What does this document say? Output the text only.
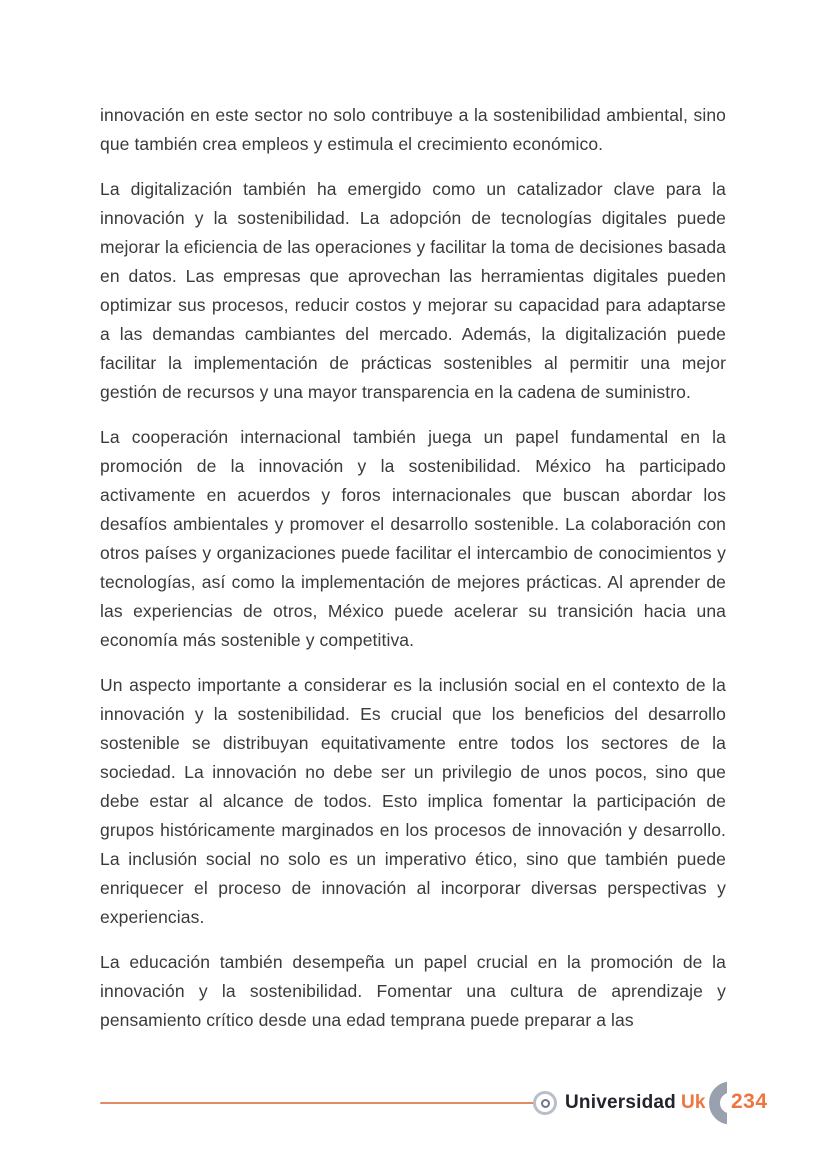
innovación en este sector no solo contribuye a la sostenibilidad ambiental, sino que también crea empleos y estimula el crecimiento económico.

La digitalización también ha emergido como un catalizador clave para la innovación y la sostenibilidad. La adopción de tecnologías digitales puede mejorar la eficiencia de las operaciones y facilitar la toma de decisiones basada en datos. Las empresas que aprovechan las herramientas digitales pueden optimizar sus procesos, reducir costos y mejorar su capacidad para adaptarse a las demandas cambiantes del mercado. Además, la digitalización puede facilitar la implementación de prácticas sostenibles al permitir una mejor gestión de recursos y una mayor transparencia en la cadena de suministro.

La cooperación internacional también juega un papel fundamental en la promoción de la innovación y la sostenibilidad. México ha participado activamente en acuerdos y foros internacionales que buscan abordar los desafíos ambientales y promover el desarrollo sostenible. La colaboración con otros países y organizaciones puede facilitar el intercambio de conocimientos y tecnologías, así como la implementación de mejores prácticas. Al aprender de las experiencias de otros, México puede acelerar su transición hacia una economía más sostenible y competitiva.

Un aspecto importante a considerar es la inclusión social en el contexto de la innovación y la sostenibilidad. Es crucial que los beneficios del desarrollo sostenible se distribuyan equitativamente entre todos los sectores de la sociedad. La innovación no debe ser un privilegio de unos pocos, sino que debe estar al alcance de todos. Esto implica fomentar la participación de grupos históricamente marginados en los procesos de innovación y desarrollo. La inclusión social no solo es un imperativo ético, sino que también puede enriquecer el proceso de innovación al incorporar diversas perspectivas y experiencias.

La educación también desempeña un papel crucial en la promoción de la innovación y la sostenibilidad. Fomentar una cultura de aprendizaje y pensamiento crítico desde una edad temprana puede preparar a las

Universidad Uk 234
